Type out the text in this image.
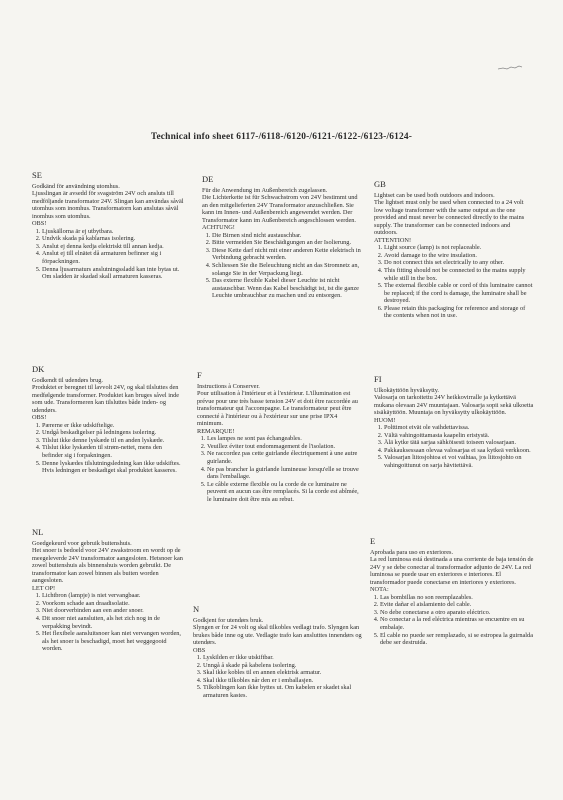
Technical info sheet 6117-/6118-/6120-/6121-/6122-/6123-/6124-
SE

Godkänd för användning utomhus.

Ljusslingan är avsedd för svagström 24V och ansluts till medföljande transformator 24V. Slingan kan användas såväl utomhus som inomhus. Transformatorn kan anslutas såväl inomhus som utomhus.

OBS!

1. Ljuskällorna är ej utbytbara.
2. Undvik skada på kablarnas isolering.
3. Anslut ej denna kedja elektriskt till annan kedja.
4. Anslut ej till elnätet då armaturen befinner sig i förpackningen.
5. Denna ljusarmaturs anslutningssladd kan inte bytas ut. Om sladden är skadad skall armaturen kasseras.
DK

Godkendt til udendørs brug.

Produktet er beregnet til lavvolt 24V, og skal tilsluttes den medfølgende transformer. Produktet kan bruges såvel inde som ude. Transformeren kan tilsluttes både inden- og udendørs.

OBS!

1. Pærerne er ikke udskiftelige.
2. Undgå beskadigelser på ledningens isolering.
3. Tilslut ikke denne lyskæde til en anden lyskæde.
4. Tilslut ikke lyskæden til strøm-nettet, mens den befinder sig i forpakningen.
5. Denne lyskædes tilslutningsledning kan ikke udskiftes. Hvis ledningen er beskadiget skal produktet kasseres.
NL

Goedgekeurd voor gebruik buitenshuis.

Het snoer is bedoeld voor 24V zwakstroom en wordt op de meegeleverde 24V transformator aangesloten. Hetsnoer kan zowel buitenshuis als binnenshuis worden gebruikt. De transformator kan zowel binnen als buiten worden aangesloten.

LET OP!

1. Lichtbron (lampje) is niet vervangbaar.
2. Voorkom schade aan draadisolatie.
3. Niet doorverbinden aan een ander snoer.
4. Dit snoer niet aansluiten, als het zich nog in de verpakking bevindt.
5. Het flexibele aansluitsnoer kan niet vervangen worden, als het snoer is beschadigd, moet het weggegooid worden.
DE

Für die Anwendung im Außenbereich zugelassen.

Die Lichterkette ist für Schwachstrom von 24V bestimmt und an den mitgelieferten 24V Transformator anzuschließen. Sie kann im Innen- und Außenbereich angewendet werden. Der Transformator kann im Außenbereich angeschlossen werden.

ACHTUNG!

1. Die Birnen sind nicht austauschbar.
2. Bitte vermeiden Sie Beschädigungen an der Isolierung.
3. Diese Kette darf nicht mit einer anderen Kette elektrisch in Verbindung gebracht werden.
4. Schliessen Sie die Beleuchtung nicht an das Stromnetz an, solange Sie in der Verpackung liegt.
5. Das externe flexible Kabel dieser Leuchte ist nicht austauschbar. Wenn das Kabel beschädigt ist, ist die ganze Leuchte umbrauchbar zu machen und zu entsorgen.
F

Instructions à Conserver.

Pour utilisation à l'intérieur et à l'extérieur. L'illumination est prévue pour une très basse tension 24V et doit être raccordée au transformateur qui l'accompagne. Le transformateur peut être connecté à l'intérieur ou à l'extérieur sur une prise IPX4 minimum.

REMARQUE!

1. Les lampes ne sont pas échangeables.
2. Veuillez éviter tout endommagement de l'isolation.
3. Ne raccordez pas cette guirlande électriquement à une autre guirlande.
4. Ne pas brancher la guirlande lumineuse lorsqu'elle se trouve dans l'emballage.
5. Le câble externe flexible ou la corde de ce luminaire ne peuvent en aucun cas être remplacés. Si la corde est abîmée, le luminaire doit être mis au rebut.
N

Godkjent for utendørs bruk.

Slyngen er for 24 volt og skal tilkobles vedlagt trafo. Slyngen kan brukes både inne og ute. Vedlagte trafo kan anslutttes innendørs og utendørs.

OBS

1. Lyskilden er ikke utskiftbar.
2. Unngå å skade på kabelens isolering.
3. Skal ikke kobles til en annen elektrisk armatur.
4. Skal ikke tilkobles når den er i emballasjen.
5. Tilkoblingen kan ikke byttes ut. Om kabelen er skadet skal armaturen kastes.
GB

Lightset can be used both outdoors and indoors.

The lightset must only be used when connected to a 24 volt low voltage transformer with the same output as the one provided and must never be connected directly to the mains supply. The transformer can be connected indoors and outdoors.

ATTENTION!

1. Light source (lamp) is not replaceable.
2. Avoid damage to the wire insulation.
3. Do not connect this set electrically to any other.
4. This fitting should not be connected to the mains supply while still in the box.
5. The external flexible cable or cord of this luminaire cannot be replaced; if the cord is damage, the luminaire shall be destroyed.
6. Please retain this packaging for reference and storage of the contents when not in use.
FI

Ulkokäyttöön hyväksytty.

Valosarja on tarkoitettu 24V heikkovirralle ja kytkettävä mukana olevaan 24V muuntajaan. Valosarja sopii sekä ulkoetta sisäkäyttöön. Muuntaja on hyväksytty ulkokäyttöön.

HUOM!

1. Polttimot eivät ole vaihdettavissa.
2. Vältä vahingoittamasta kaapelin eristystä.
3. Älä kytke tätä sarjaa sähköisesti toiseen valosarjaan.
4. Pakkauksessaan olevaa valosarjaa ei saa kytkeä verkkoon.
5. Valosarjan liitosjohtoa ei voi vaihtaa, jos liitosjohto on vahingoittunut on sarja hävitettävä.
E

Aprobada para uso en exteriores.

La red luminosa está destinada a una corriente de baja tensión de 24V y se debe conectar al transformador adjunto de 24V. La red luminosa se puede usar en exteriores e interiores. El transformador puede conectarse en interiores y exteriores.

NOTA:

1. Las bombillas no son reemplazables.
2. Evite dañar el aislamiento del cable.
3. No debe conectarse a otro aparato eléctrico.
4. No conectar a la red eléctrica mientras se encuentre en su embalaje.
5. El cable no puede ser remplazado, si se estropea la guirnalda debe ser destruida.
